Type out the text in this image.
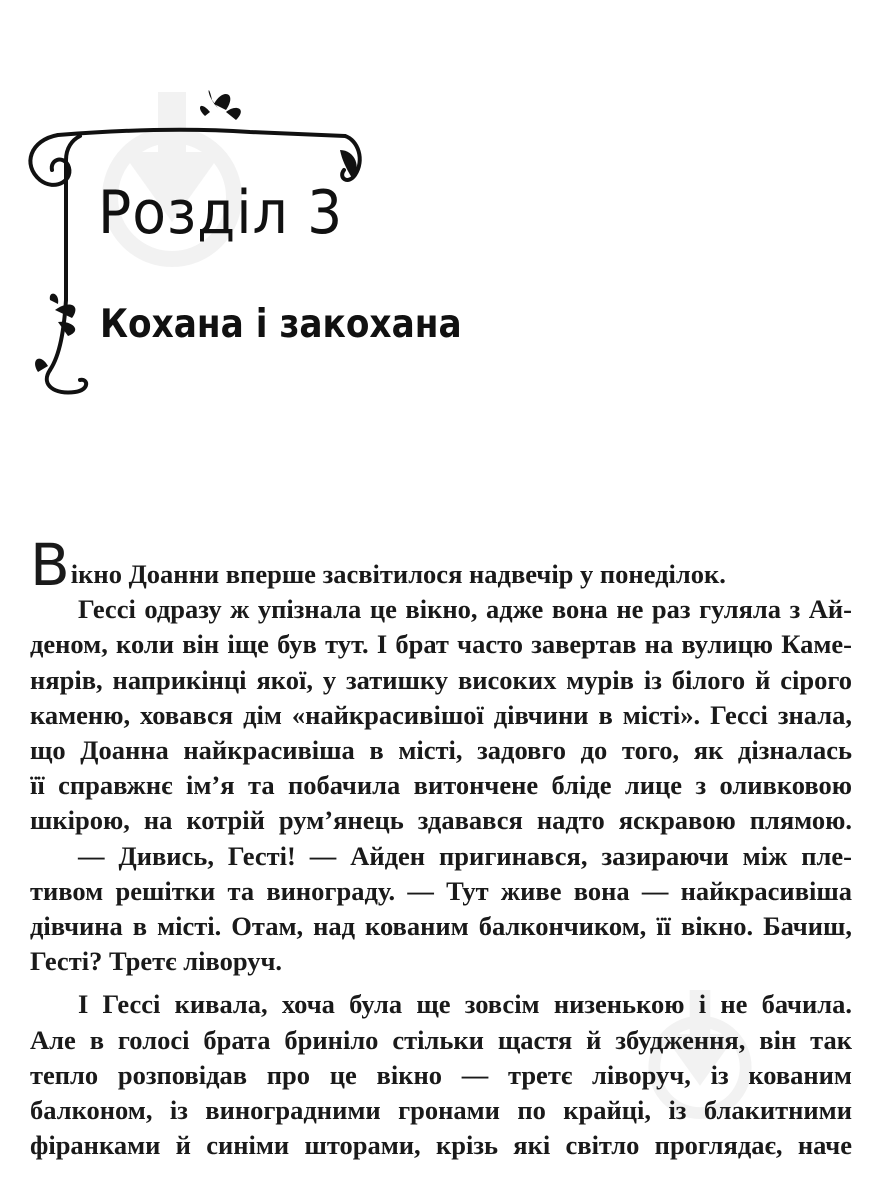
Розділ 3
Кохана і закохана
Вікно Доанни вперше засвітилося надвечір у понеділок.
Гессі одразу ж упізнала це вікно, адже вона не раз гуляла з Ай-
деном, коли він іще був тут. І брат часто завертав на вулицю Каме-
нярів, наприкінці якої, у затишку високих мурів із білого й сірого
каменю, ховався дім «найкрасивішої дівчини в місті». Гессі знала,
що Доанна найкрасивіша в місті, задовго до того, як дізналась
її справжнє ім’я та побачила витончене бліде лице з оливковою
шкірою, на котрій рум’янець здавався надто яскравою плямою.
— Дивись, Гесті! — Айден пригинався, зазираючи між пле-
тивом решітки та винограду. — Тут живе вона — найкрасивіша
дівчина в місті. Отам, над кованим балкончиком, її вікно. Бачиш,
Гесті? Третє ліворуч.
І Гессі кивала, хоча була ще зовсім низенькою і не бачила.
Але в голосі брата бриніло стільки щастя й збудження, він так
тепло розповідав про це вікно — третє ліворуч, із кованим
балконом, із виноградними гронами по крайці, із блакитними
фіранками й синіми шторами, крізь які світло проглядає, наче
